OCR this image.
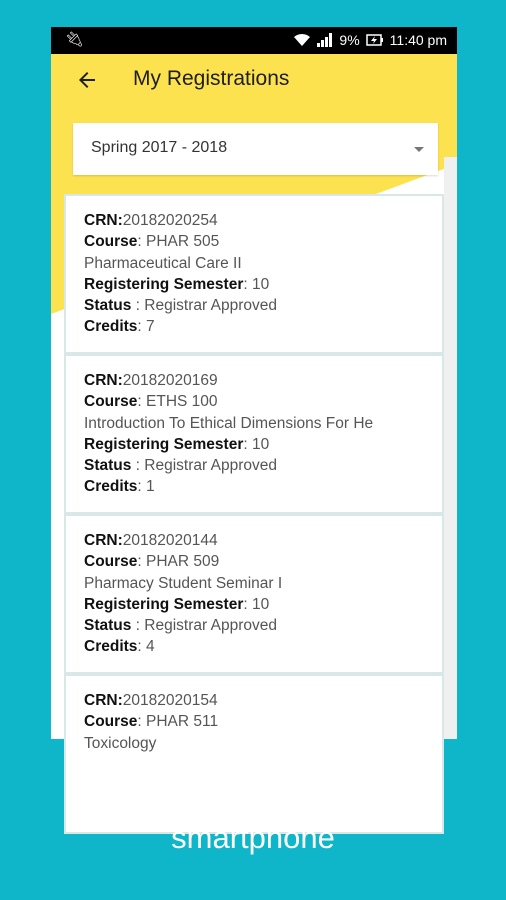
🔌︎	9% 11:40 pm
My Registrations
Spring 2017 - 2018
CRN:20182020254
Course: PHAR 505
Pharmaceutical Care II
Registering Semester: 10
Status : Registrar Approved
Credits: 7
CRN:20182020169
Course: ETHS 100
Introduction To Ethical Dimensions For He
Registering Semester: 10
Status : Registrar Approved
Credits: 1
CRN:20182020144
Course: PHAR 509
Pharmacy Student Seminar I
Registering Semester: 10
Status : Registrar Approved
Credits: 4
CRN:20182020154
Course: PHAR 511
Toxicology
Your trusted friend in your
smartphone
